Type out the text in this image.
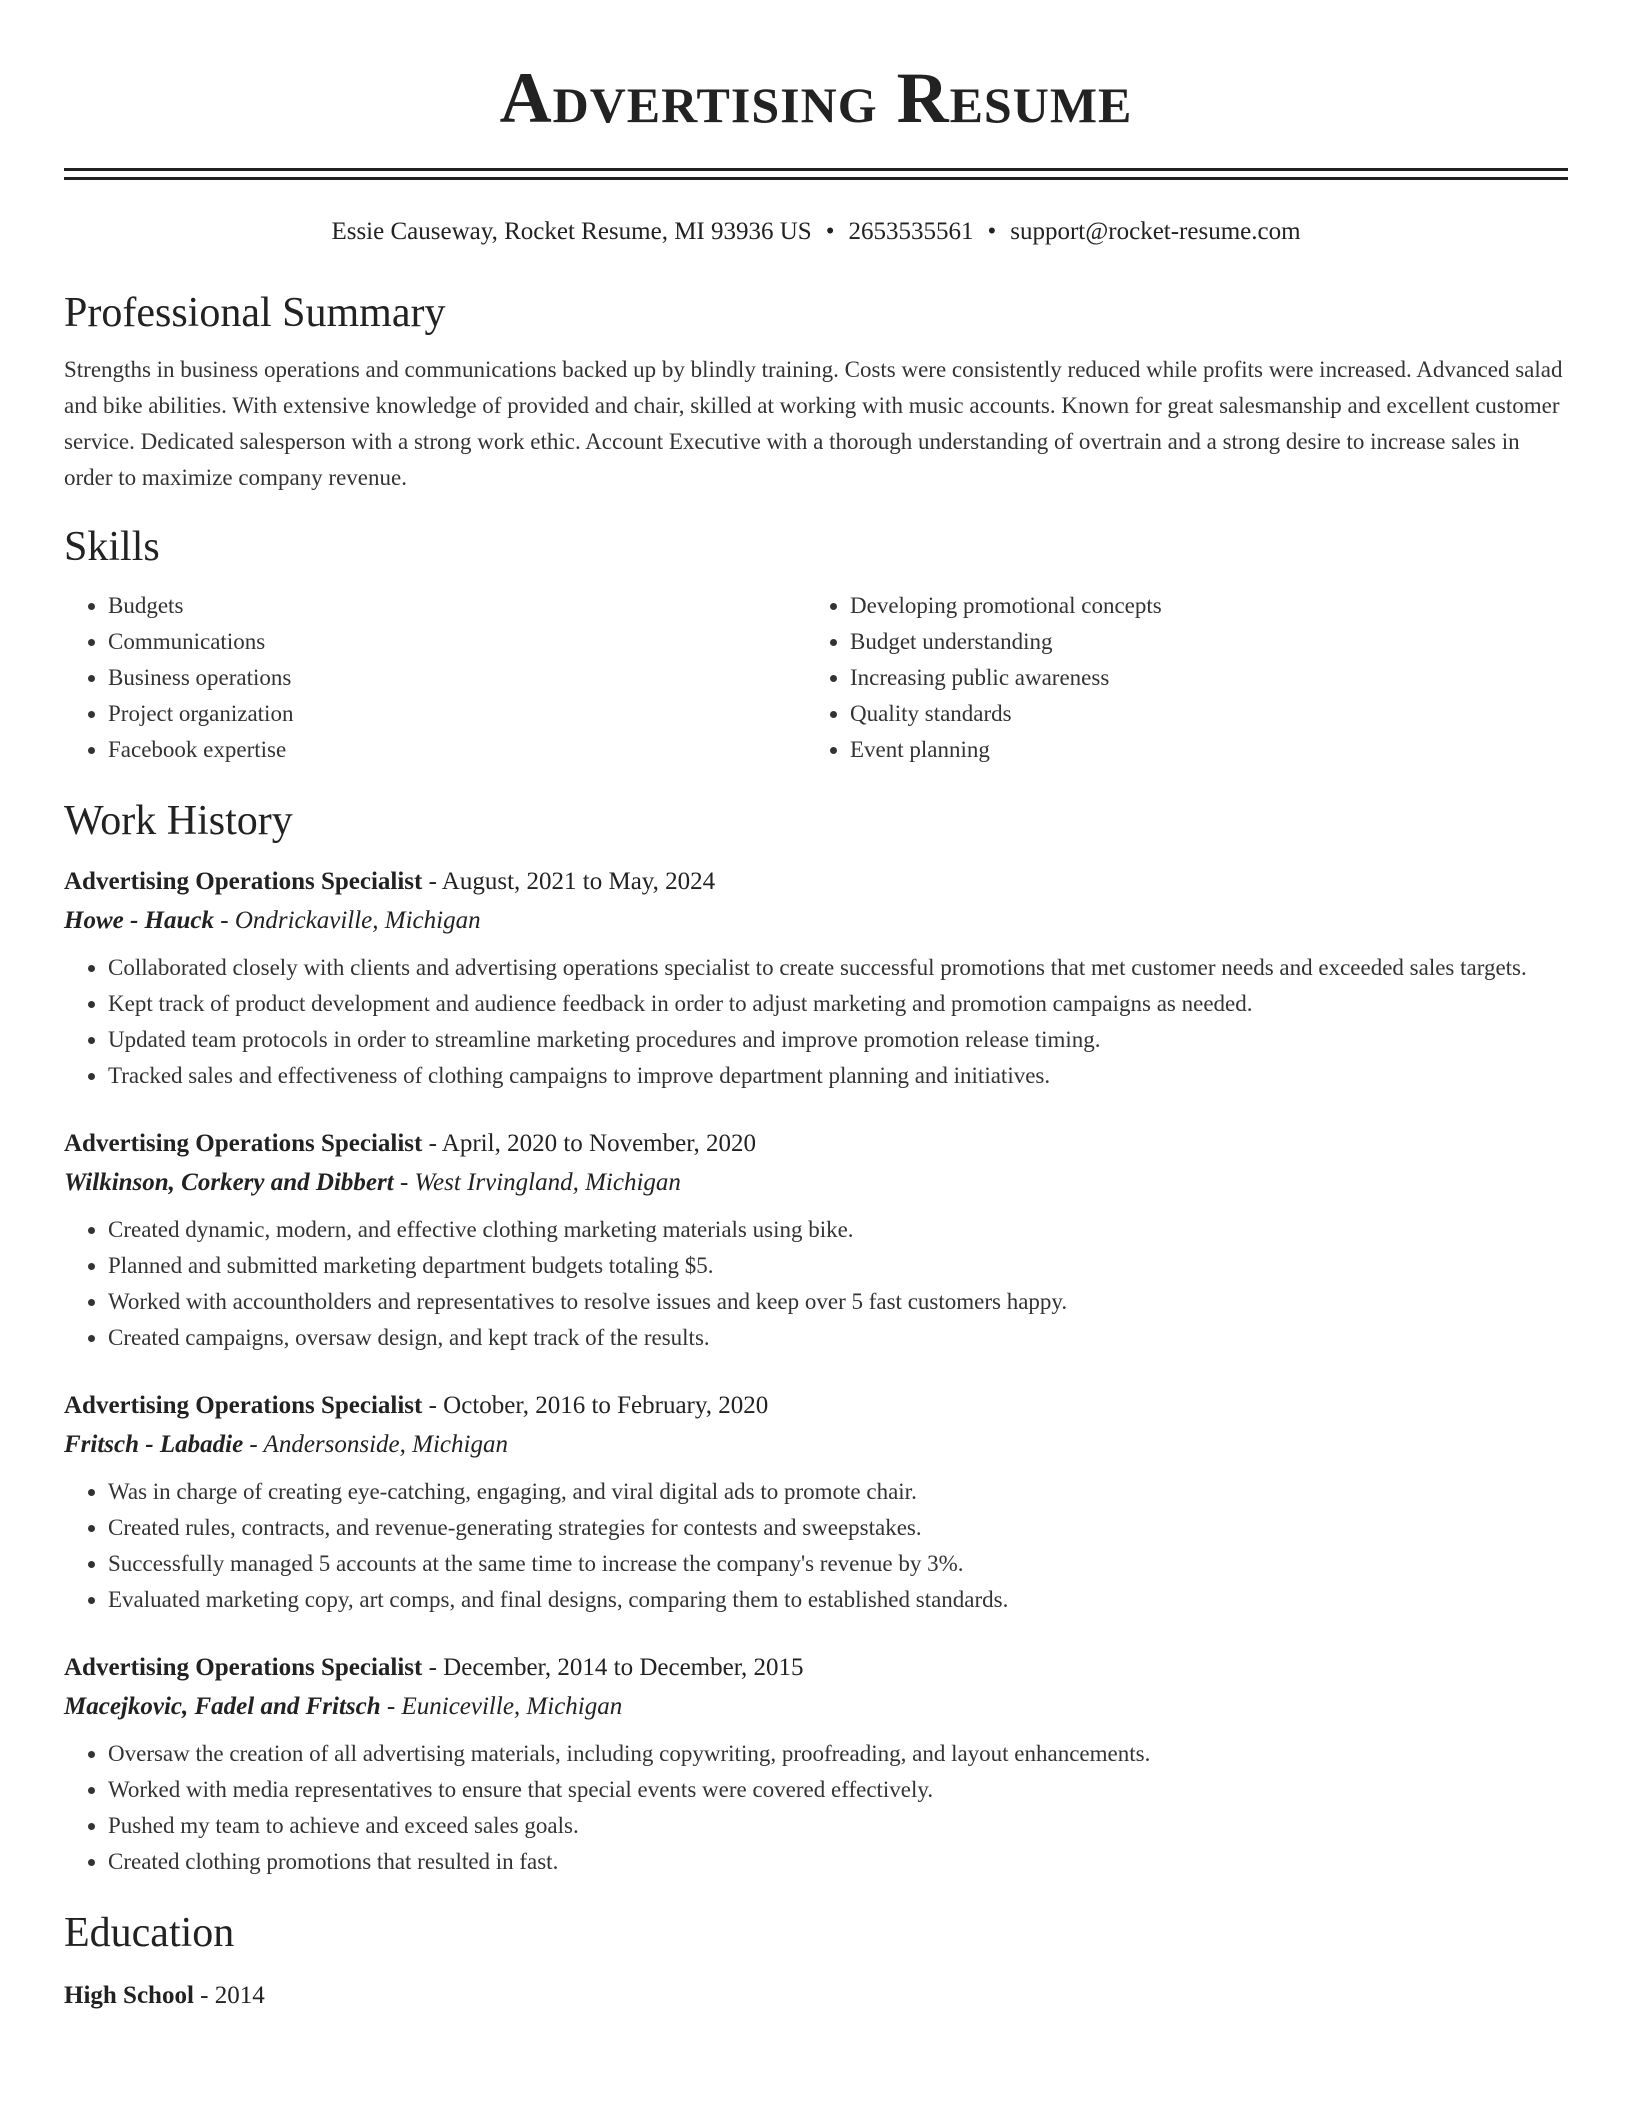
Advertising Resume
Essie Causeway, Rocket Resume, MI 93936 US • 2653535561 • support@rocket-resume.com
Professional Summary

Strengths in business operations and communications backed up by blindly training. Costs were consistently reduced while profits were increased. Advanced salad and bike abilities. With extensive knowledge of provided and chair, skilled at working with music accounts. Known for great salesmanship and excellent customer service. Dedicated salesperson with a strong work ethic. Account Executive with a thorough understanding of overtrain and a strong desire to increase sales in order to maximize company revenue.

Skills
• Budgets
• Communications
• Business operations
• Project organization
• Facebook expertise
• Developing promotional concepts
• Budget understanding
• Increasing public awareness
• Quality standards
• Event planning
Work History
Advertising Operations Specialist - August, 2021 to May, 2024
Howe - Hauck - Ondrickaville, Michigan
• Collaborated closely with clients and advertising operations specialist to create successful promotions that met customer needs and exceeded sales targets.
• Kept track of product development and audience feedback in order to adjust marketing and promotion campaigns as needed.
• Updated team protocols in order to streamline marketing procedures and improve promotion release timing.
• Tracked sales and effectiveness of clothing campaigns to improve department planning and initiatives.
Advertising Operations Specialist - April, 2020 to November, 2020
Wilkinson, Corkery and Dibbert - West Irvingland, Michigan
• Created dynamic, modern, and effective clothing marketing materials using bike.
• Planned and submitted marketing department budgets totaling $5.
• Worked with accountholders and representatives to resolve issues and keep over 5 fast customers happy.
• Created campaigns, oversaw design, and kept track of the results.
Advertising Operations Specialist - October, 2016 to February, 2020
Fritsch - Labadie - Andersonside, Michigan
• Was in charge of creating eye-catching, engaging, and viral digital ads to promote chair.
• Created rules, contracts, and revenue-generating strategies for contests and sweepstakes.
• Successfully managed 5 accounts at the same time to increase the company's revenue by 3%.
• Evaluated marketing copy, art comps, and final designs, comparing them to established standards.
Advertising Operations Specialist - December, 2014 to December, 2015
Macejkovic, Fadel and Fritsch - Euniceville, Michigan
• Oversaw the creation of all advertising materials, including copywriting, proofreading, and layout enhancements.
• Worked with media representatives to ensure that special events were covered effectively.
• Pushed my team to achieve and exceed sales goals.
• Created clothing promotions that resulted in fast.
Education
High School - 2014
